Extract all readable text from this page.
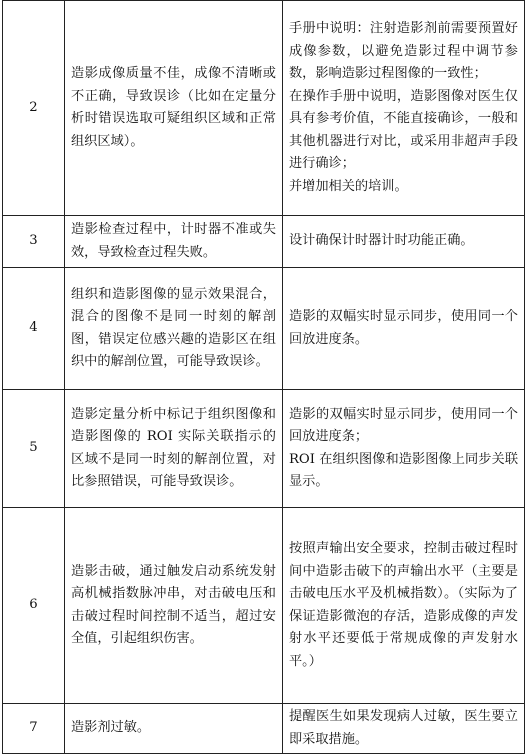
2	造影成像质量不佳，成像不清晰或不正确，导致误诊（比如在定量分析时错误选取可疑组织区域和正常组织区域）。	手册中说明：注射造影剂前需要预置好成像参数，以避免造影过程中调节参数，影响造影过程图像的一致性；
在操作手册中说明，造影图像对医生仅具有参考价值，不能直接确诊，一般和其他机器进行对比，或采用非超声手段进行确诊；
并增加相关的培训。

3	造影检查过程中，计时器不准或失效，导致检查过程失败。	设计确保计时器计时功能正确。

4	组织和造影图像的显示效果混合，混合的图像不是同一时刻的解剖图，错误定位感兴趣的造影区在组织中的解剖位置，可能导致误诊。	造影的双幅实时显示同步，使用同一个回放进度条。

5	造影定量分析中标记于组织图像和造影图像的 ROI 实际关联指示的区域不是同一时刻的解剖位置，对比参照错误，可能导致误诊。	造影的双幅实时显示同步，使用同一个回放进度条；
ROI 在组织图像和造影图像上同步关联显示。

6	造影击破，通过触发启动系统发射高机械指数脉冲串，对击破电压和击破过程时间控制不适当，超过安全值，引起组织伤害。	按照声输出安全要求，控制击破过程时间中造影击破下的声输出水平（主要是击破电压水平及机械指数）。（实际为了保证造影微泡的存活，造影成像的声发射水平还要低于常规成像的声发射水平。）

7	造影剂过敏。	提醒医生如果发现病人过敏，医生要立即采取措施。
